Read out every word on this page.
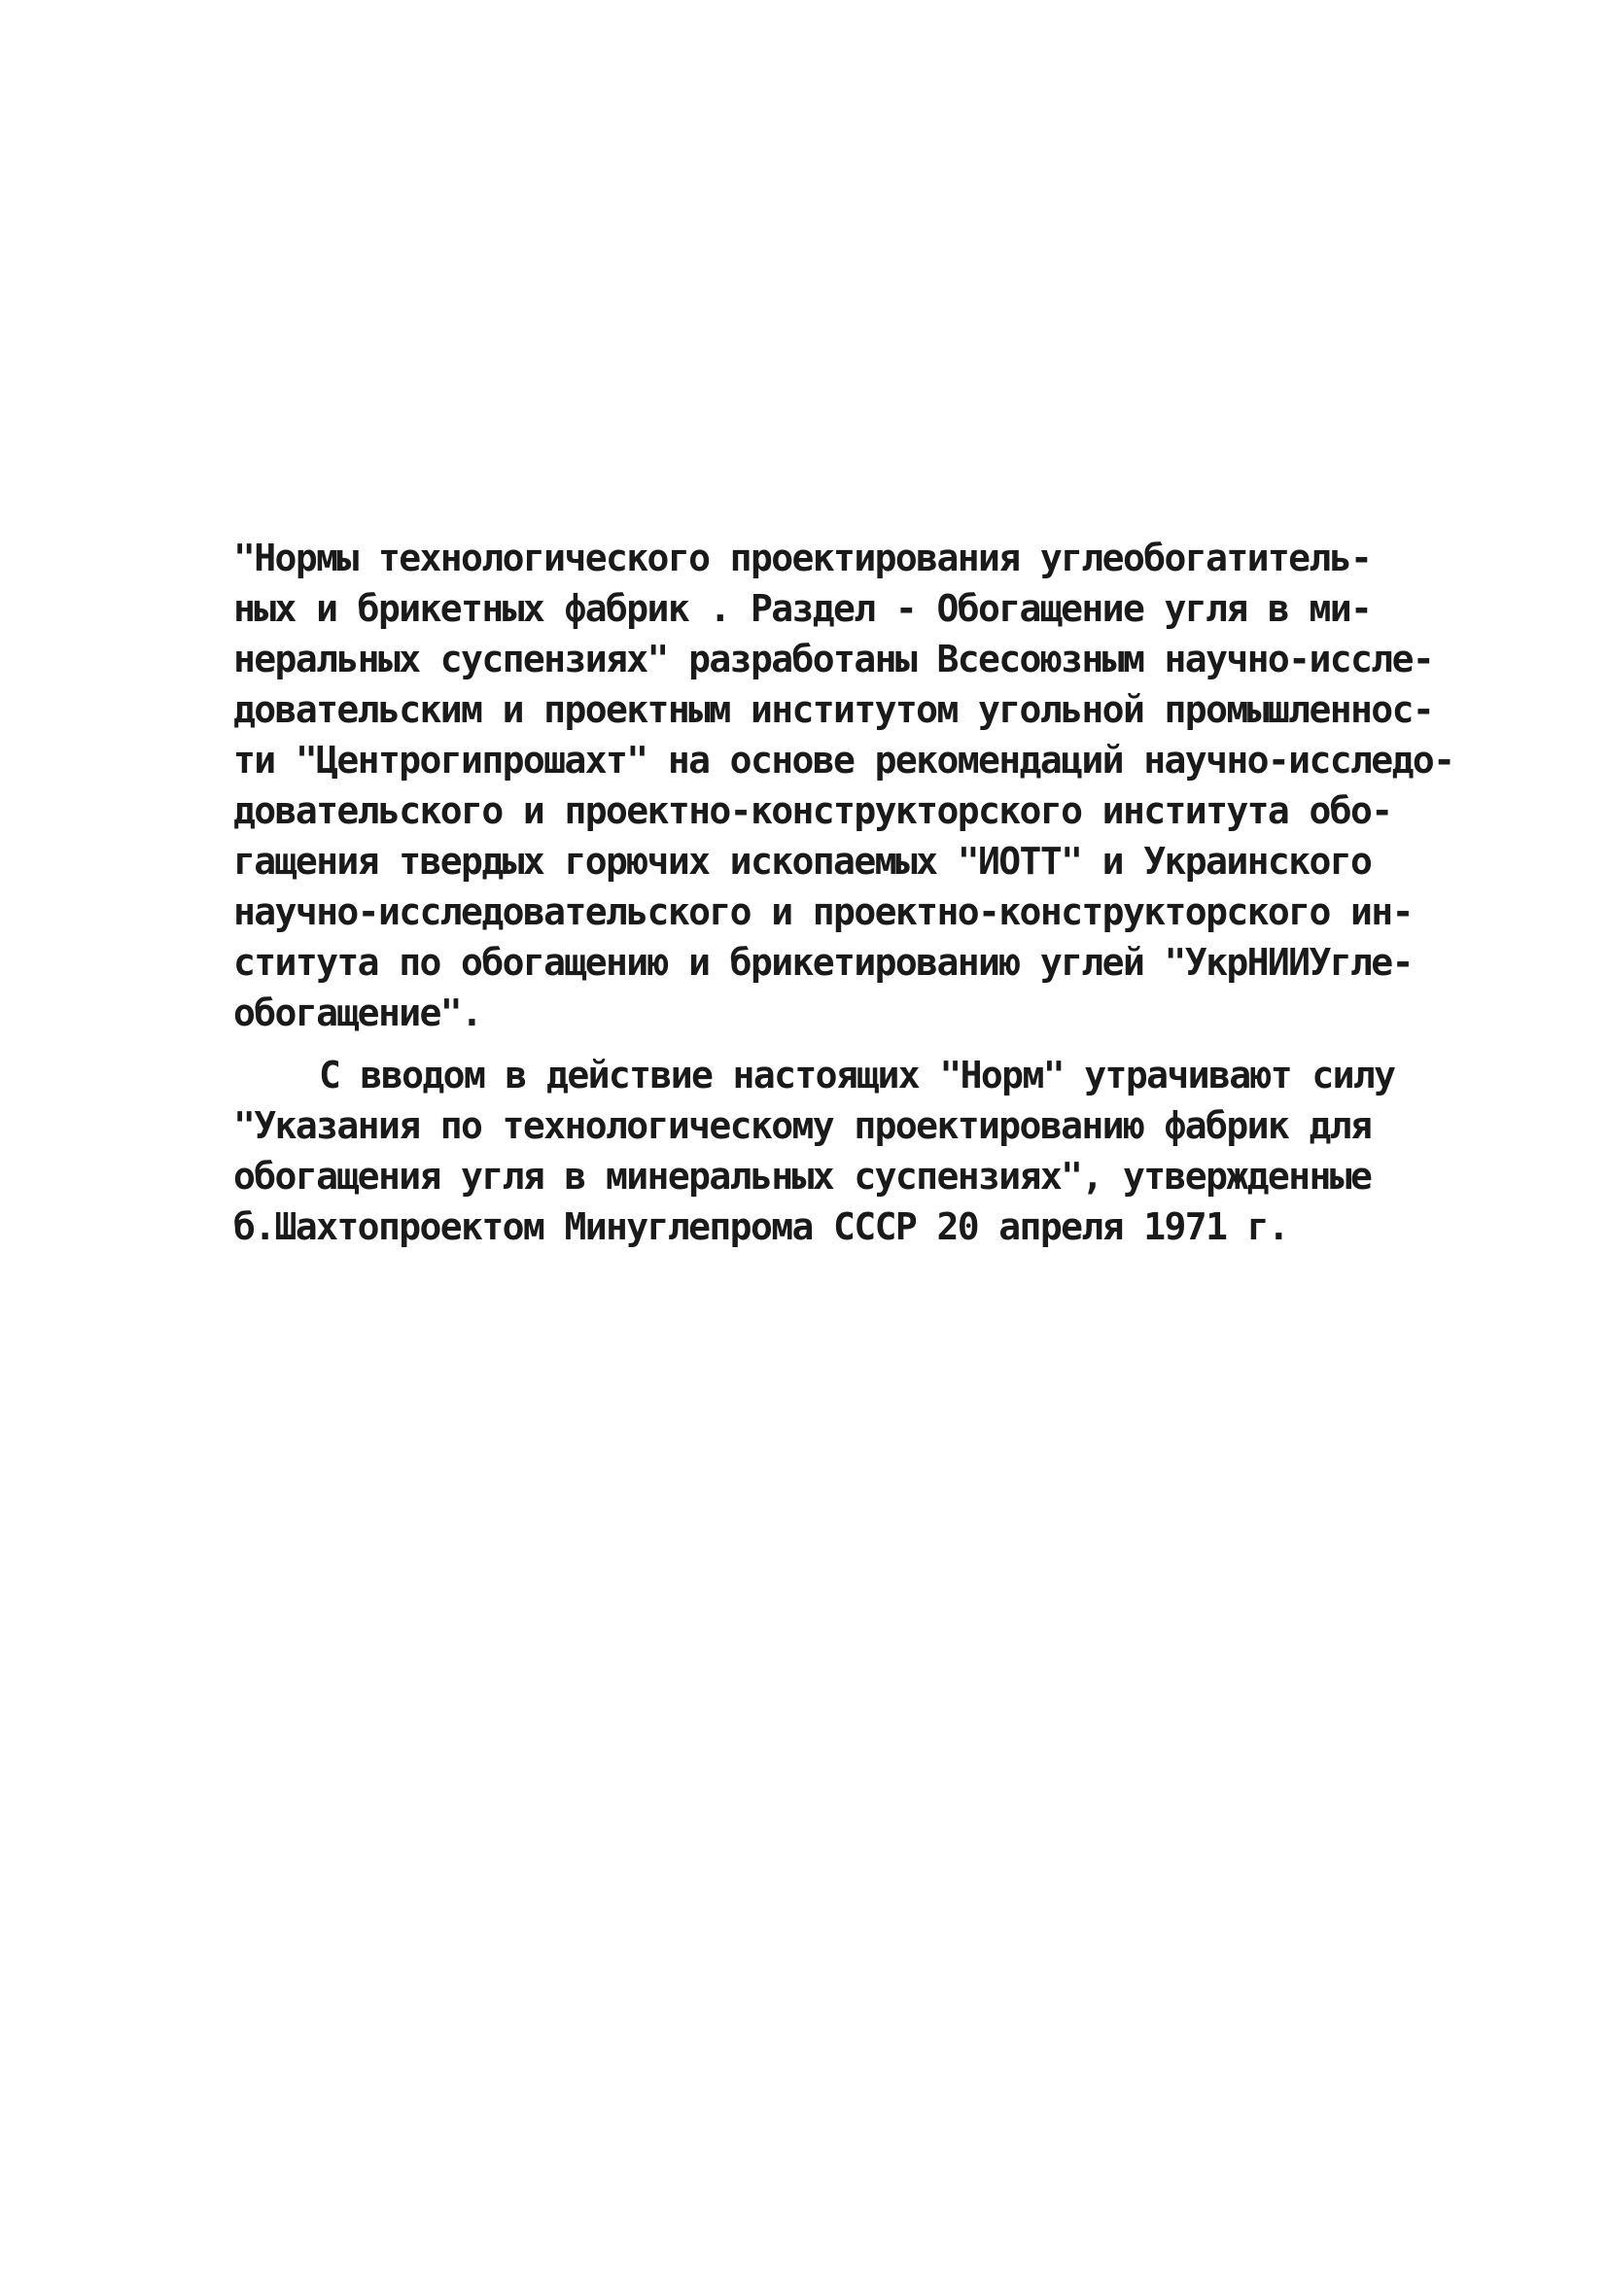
"Нормы технологического проектирования углеобогатитель-
ных и брикетных фабрик . Раздел - Обогащение угля в ми-
неральных суспензиях" разработаны Всесоюзным научно-иссле-
довательским и проектным институтом угольной промышленнос-
ти "Центрогипрошахт" на основе рекомендаций научно-исследо-
довательского и проектно-конструкторского института обо-
гащения твердых горючих ископаемых "ИОТТ" и Украинского
научно-исследовательского и проектно-конструкторского ин-
ститута по обогащению и брикетированию углей "УкрНИИУгле-
обогащение".
С вводом в действие настоящих "Норм" утрачивают силу
"Указания по технологическому проектированию фабрик для
обогащения угля в минеральных суспензиях", утвержденные
б.Шахтопроектом Минуглепрома СССР 20 апреля 1971 г.
